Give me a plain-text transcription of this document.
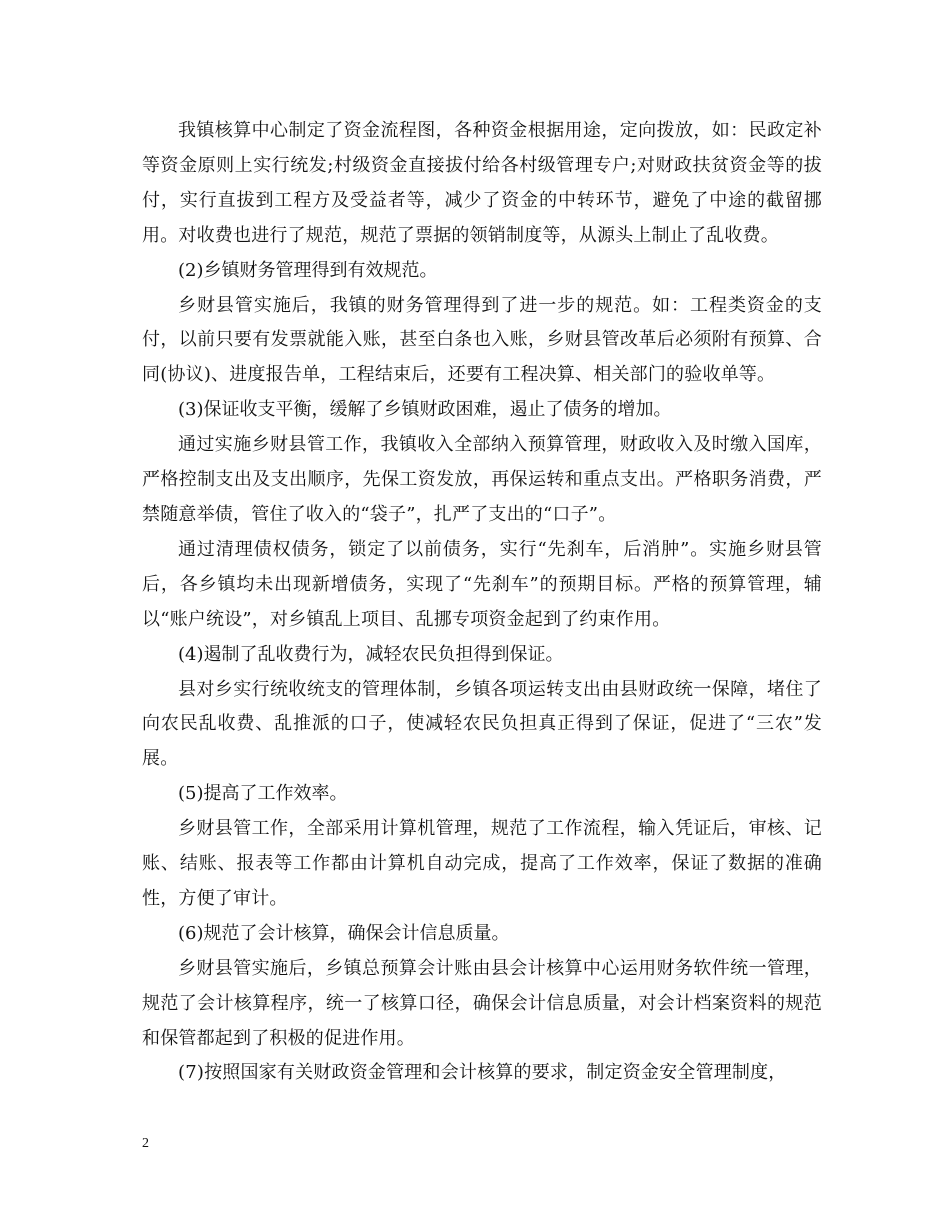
我镇核算中心制定了资金流程图，各种资金根据用途，定向拨放，如：民政定补等资金原则上实行统发;村级资金直接拔付给各村级管理专户;对财政扶贫资金等的拔付，实行直拔到工程方及受益者等，减少了资金的中转环节，避免了中途的截留挪用。对收费也进行了规范，规范了票据的领销制度等，从源头上制止了乱收费。

(2)乡镇财务管理得到有效规范。

乡财县管实施后，我镇的财务管理得到了进一步的规范。如：工程类资金的支付，以前只要有发票就能入账，甚至白条也入账，乡财县管改革后必须附有预算、合同(协议)、进度报告单，工程结束后，还要有工程决算、相关部门的验收单等。

(3)保证收支平衡，缓解了乡镇财政困难，遏止了债务的增加。

通过实施乡财县管工作，我镇收入全部纳入预算管理，财政收入及时缴入国库，严格控制支出及支出顺序，先保工资发放，再保运转和重点支出。严格职务消费，严禁随意举债，管住了收入的“袋子”，扎严了支出的“口子”。

通过清理债权债务，锁定了以前债务，实行“先刹车，后消肿”。实施乡财县管后，各乡镇均未出现新增债务，实现了“先刹车”的预期目标。严格的预算管理，辅以“账户统设”，对乡镇乱上项目、乱挪专项资金起到了约束作用。

(4)遏制了乱收费行为，减轻农民负担得到保证。

县对乡实行统收统支的管理体制，乡镇各项运转支出由县财政统一保障，堵住了向农民乱收费、乱推派的口子，使减轻农民负担真正得到了保证，促进了“三农”发展。

(5)提高了工作效率。

乡财县管工作，全部采用计算机管理，规范了工作流程，输入凭证后，审核、记账、结账、报表等工作都由计算机自动完成，提高了工作效率，保证了数据的准确性，方便了审计。

(6)规范了会计核算，确保会计信息质量。

乡财县管实施后，乡镇总预算会计账由县会计核算中心运用财务软件统一管理，规范了会计核算程序，统一了核算口径，确保会计信息质量，对会计档案资料的规范和保管都起到了积极的促进作用。

(7)按照国家有关财政资金管理和会计核算的要求，制定资金安全管理制度，

2
